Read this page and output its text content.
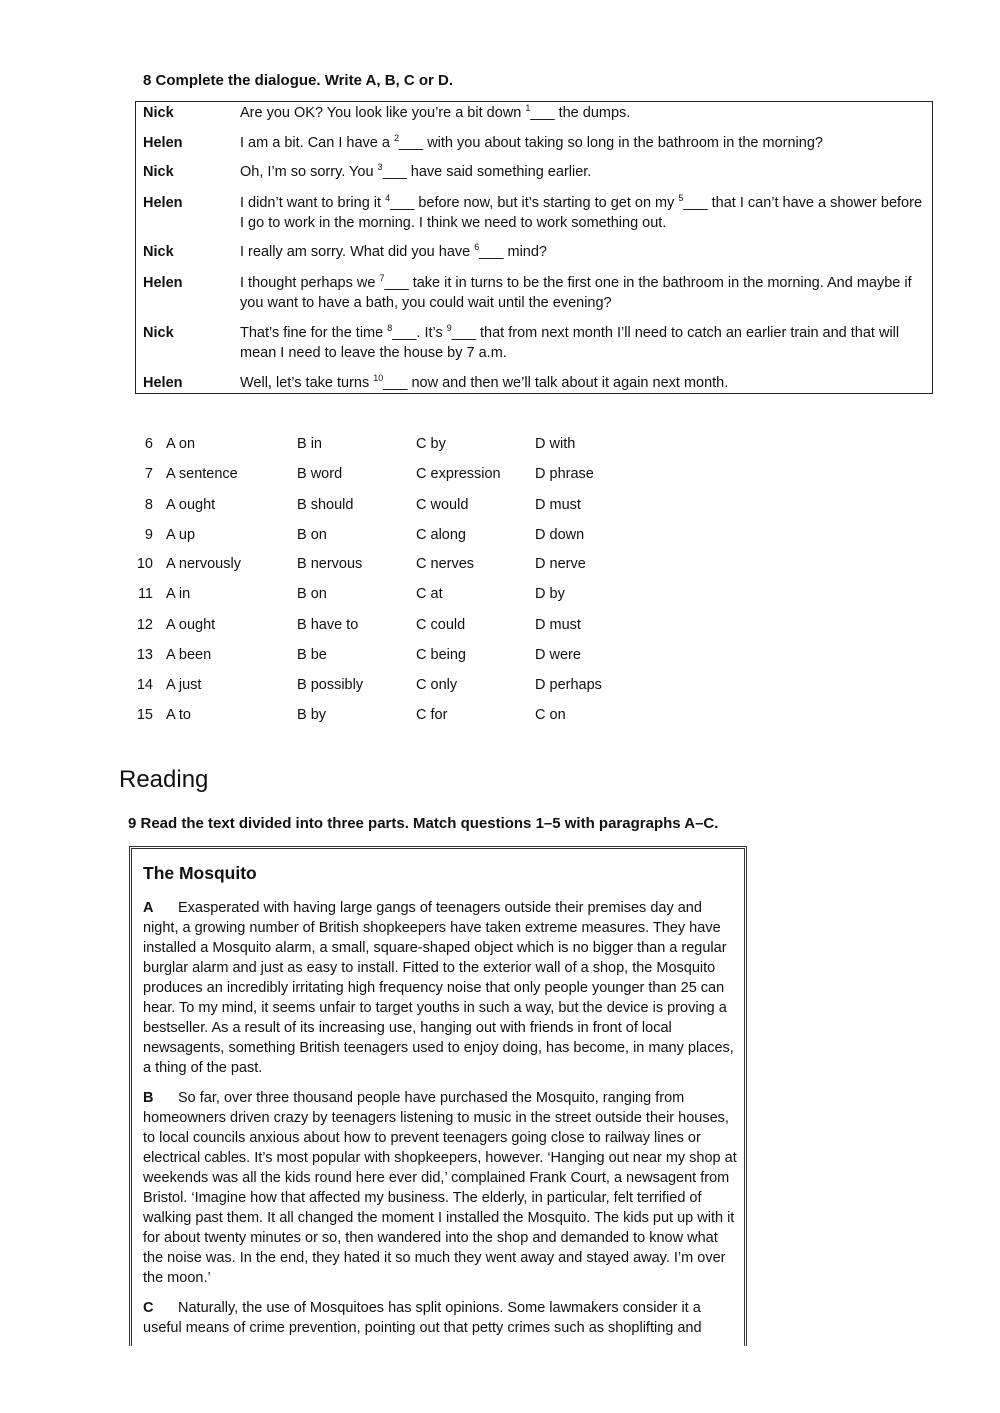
8 Complete the dialogue. Write A, B, C or D.
Nick	Are you OK? You look like you’re a bit down $^1$___ the dumps.
Helen	I am a bit. Can I have a $^2$___ with you about taking so long in the bathroom in the morning?
Nick	Oh, I’m so sorry. You $^3$___ have said something earlier.
Helen	I didn’t want to bring it $^4$___ before now, but it’s starting to get on my $^5$___ that I can’t have a shower before I go to work in the morning. I think we need to work something out.
Nick	I really am sorry. What did you have $^6$___ mind?
Helen	I thought perhaps we $^7$___ take it in turns to be the first one in the bathroom in the morning. And maybe if you want to have a bath, you could wait until the evening?
Nick	That’s fine for the time $^8$___. It’s $^9$___ that from next month I’ll need to catch an earlier train and that will mean I need to leave the house by 7 a.m.
Helen	Well, let’s take turns $^{10}$___ now and then we’ll talk about it again next month.
6 A on	B in	C by	D with
7 A sentence	B word	C expression D phrase
8 A ought	B should	C would	D must
9 A up	B on	C along	D down
10 A nervously	B nervous	C nerves	D nerve
11 A in	B on	C at	D by
12 A ought	B have to	C could	D must
13 A been	B be	C being	D were
14 A just	B possibly	C only	D perhaps
15 A to	B by	C for	C on
Reading
9 Read the text divided into three parts. Match questions 1–5 with paragraphs A–C.
The Mosquito
A Exasperated with having large gangs of teenagers outside their premises day and night, a growing number of British shopkeepers have taken extreme measures. They have installed a Mosquito alarm, a small, square-shaped object which is no bigger than a regular burglar alarm and just as easy to install. Fitted to the exterior wall of a shop, the Mosquito produces an incredibly irritating high frequency noise that only people younger than 25 can hear. To my mind, it seems unfair to target youths in such a way, but the device is proving a bestseller. As a result of its increasing use, hanging out with friends in front of local newsagents, something British teenagers used to enjoy doing, has become, in many places, a thing of the past.
B So far, over three thousand people have purchased the Mosquito, ranging from homeowners driven crazy by teenagers listening to music in the street outside their houses, to local councils anxious about how to prevent teenagers going close to railway lines or electrical cables. It’s most popular with shopkeepers, however. ‘Hanging out near my shop at weekends was all the kids round here ever did,’ complained Frank Court, a newsagent from Bristol. ‘Imagine how that affected my business. The elderly, in particular, felt terrified of walking past them. It all changed the moment I installed the Mosquito. The kids put up with it for about twenty minutes or so, then wandered into the shop and demanded to know what the noise was. In the end, they hated it so much they went away and stayed away. I’m over the moon.’
C Naturally, the use of Mosquitoes has split opinions. Some lawmakers consider it a useful means of crime prevention, pointing out that petty crimes such as shoplifting and
